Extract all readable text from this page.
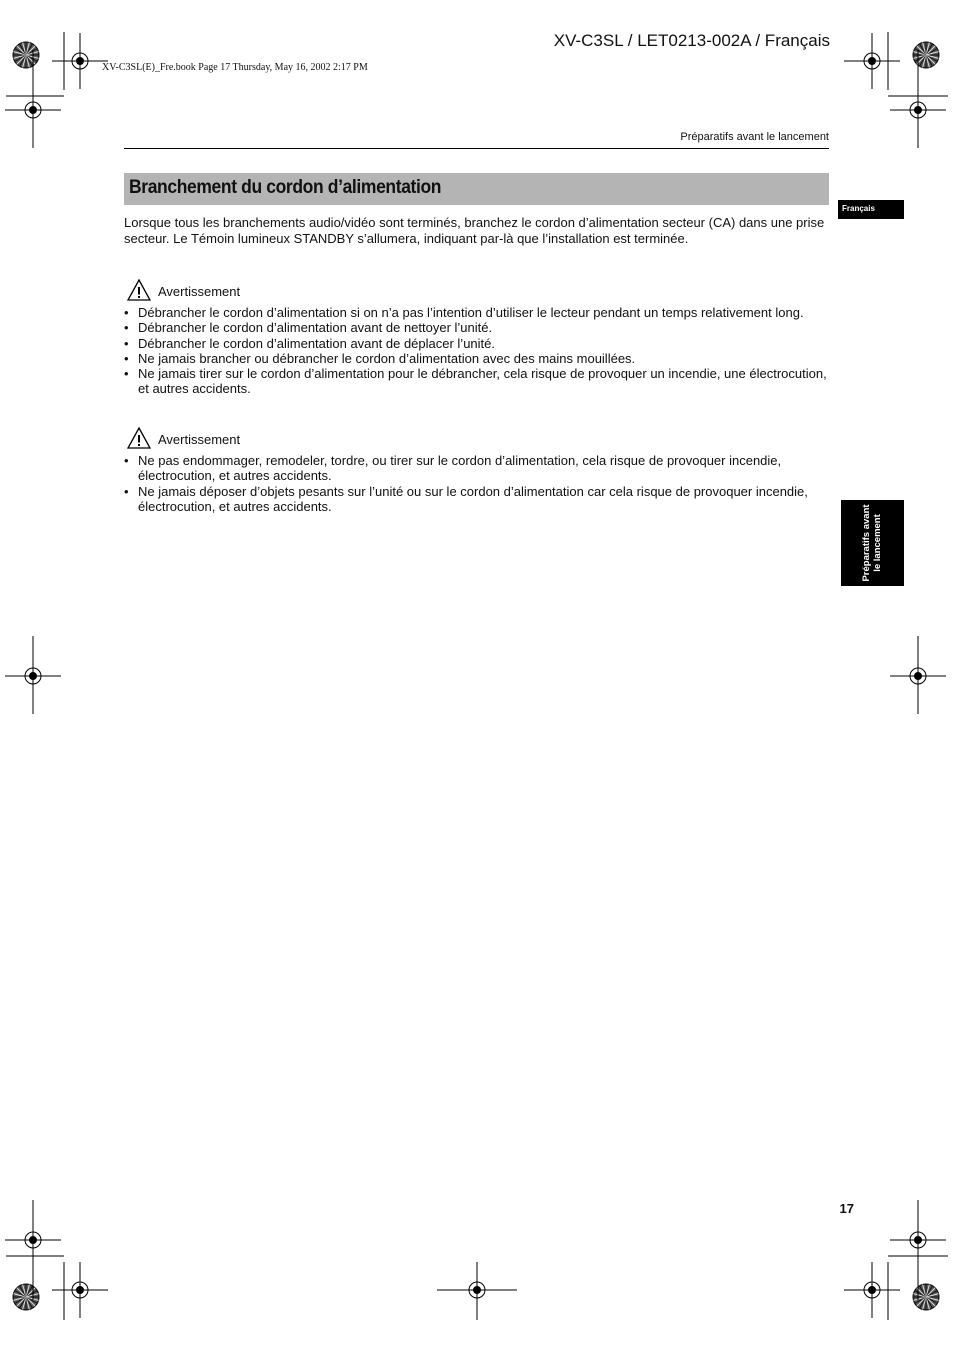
XV-C3SL / LET0213-002A / Français
XV-C3SL(E)_Fre.book Page 17 Thursday, May 16, 2002 2:17 PM
Préparatifs avant le lancement
Branchement du cordon d’alimentation
Français
Préparatifs avant le lancement
Lorsque tous les branchements audio/vidéo sont terminés, branchez le cordon d’alimentation secteur (CA) dans une prise secteur. Le Témoin lumineux STANDBY s’allumera, indiquant par-là que l’installation est terminée.
Avertissement
• Débrancher le cordon d’alimentation si on n’a pas l’intention d’utiliser le lecteur pendant un temps relativement long.
• Débrancher le cordon d’alimentation avant de nettoyer l’unité.
• Débrancher le cordon d’alimentation avant de déplacer l’unité.
• Ne jamais brancher ou débrancher le cordon d’alimentation avec des mains mouillées.
• Ne jamais tirer sur le cordon d’alimentation pour le débrancher, cela risque de provoquer un incendie, une électrocution, et autres accidents.
Avertissement
• Ne pas endommager, remodeler, tordre, ou tirer sur le cordon d’alimentation, cela risque de provoquer incendie, électrocution, et autres accidents.
• Ne jamais déposer d’objets pesants sur l’unité ou sur le cordon d’alimentation car cela risque de provoquer incendie, électrocution, et autres accidents.
17
